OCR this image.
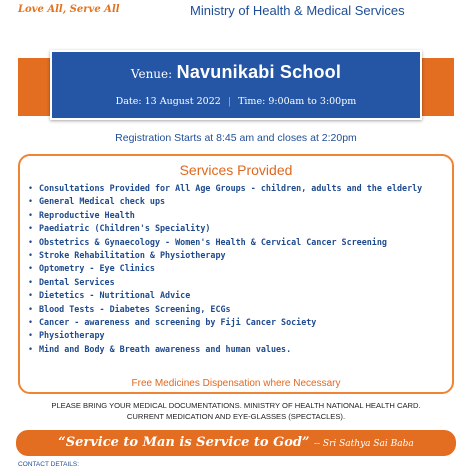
Love All, Serve All	Ministry of Health & Medical Services
Venue: Navunikabi School
Date: 13 August 2022 | Time: 9:00am to 3:00pm
Registration Starts at 8:45 am and closes at 2:20pm
Services Provided
• Consultations Provided for All Age Groups - children, adults and the elderly
• General Medical check ups
• Reproductive Health
• Paediatric (Children's Speciality)
• Obstetrics & Gynaecology - Women's Health & Cervical Cancer Screening
• Stroke Rehabilitation & Physiotherapy
• Optometry - Eye Clinics
• Dental Services
• Dietetics - Nutritional Advice
• Blood Tests - Diabetes Screening, ECGs
• Cancer - awareness and screening by Fiji Cancer Society
• Physiotherapy
• Mind and Body & Breath awareness and human values.
Free Medicines Dispensation where Necessary
PLEASE BRING YOUR MEDICAL DOCUMENTATIONS. MINISTRY OF HEALTH NATIONAL HEALTH CARD.
CURRENT MEDICATION AND EYE-GLASSES (SPECTACLES).
“Service to Man is Service to God” -- Sri Sathya Sai Baba
CONTACT DETAILS:
